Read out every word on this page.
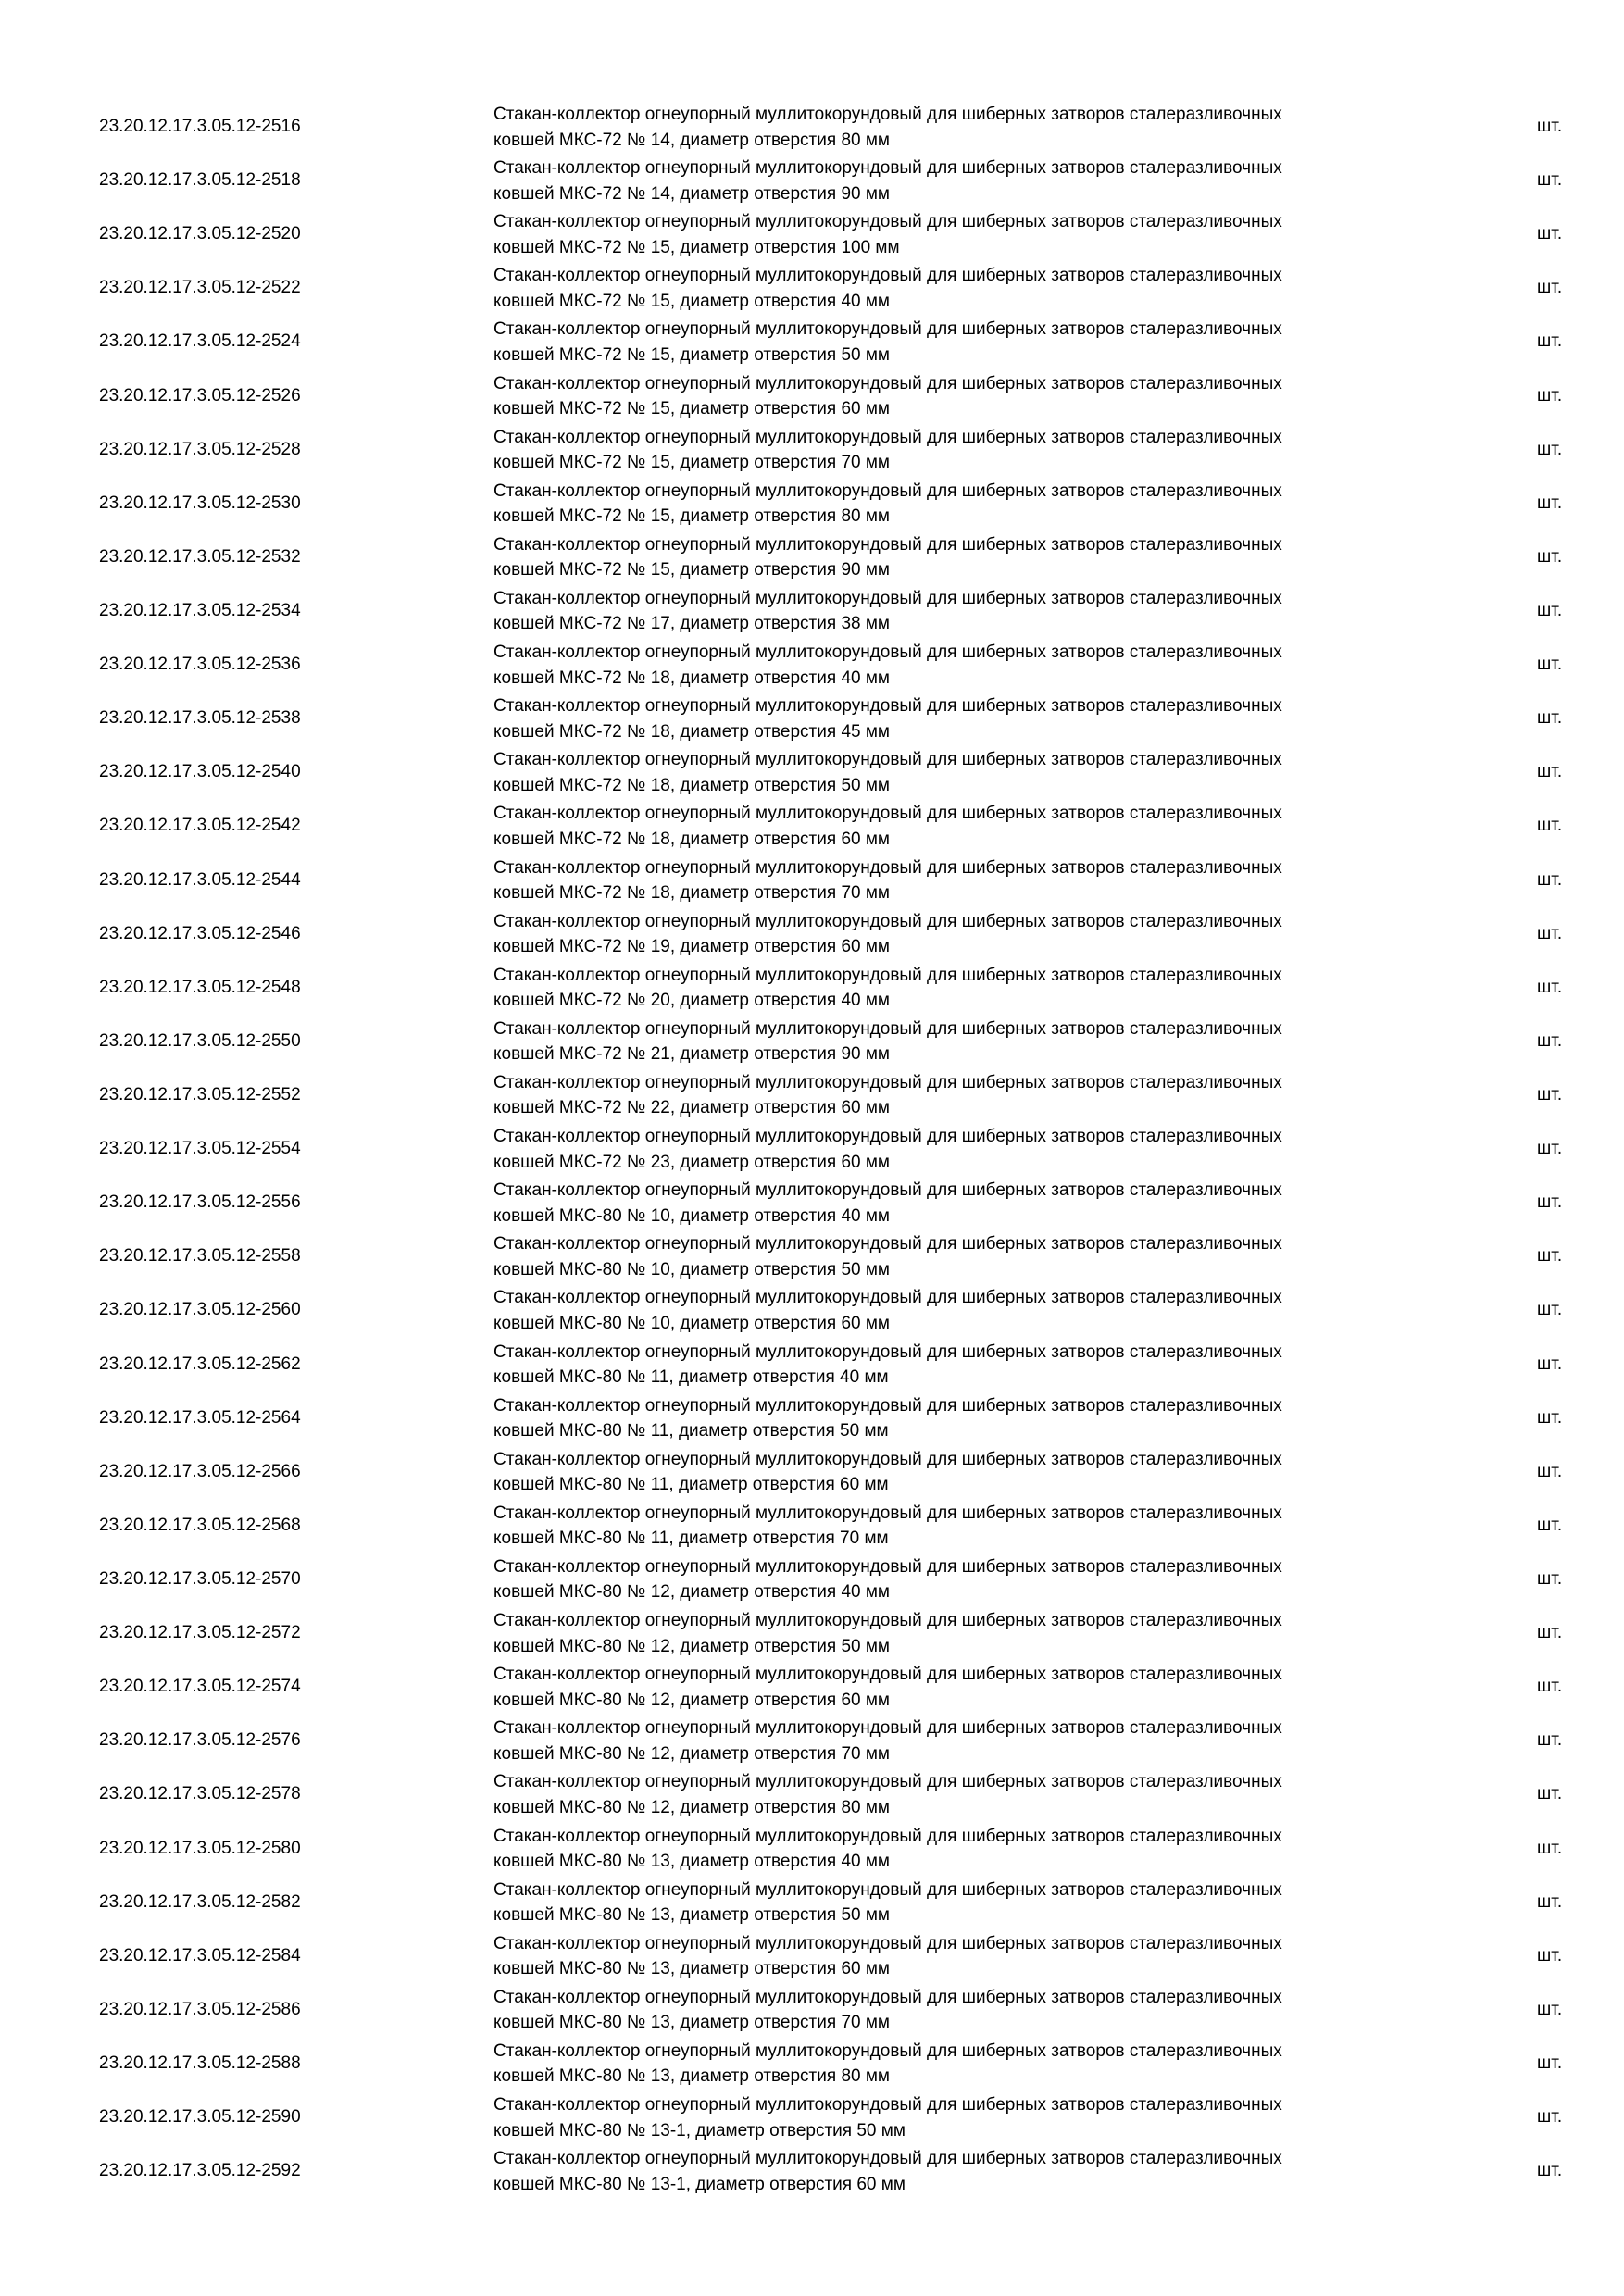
23.20.12.17.3.05.12-2516
Стакан-коллектор огнеупорный муллитокорундовый для шиберных затворов сталеразливочных
ковшей МКС-72 № 14, диаметр отверстия 80 мм
шт.
23.20.12.17.3.05.12-2518
Стакан-коллектор огнеупорный муллитокорундовый для шиберных затворов сталеразливочных
ковшей МКС-72 № 14, диаметр отверстия 90 мм
шт.
23.20.12.17.3.05.12-2520
Стакан-коллектор огнеупорный муллитокорундовый для шиберных затворов сталеразливочных
ковшей МКС-72 № 15, диаметр отверстия 100 мм
шт.
23.20.12.17.3.05.12-2522
Стакан-коллектор огнеупорный муллитокорундовый для шиберных затворов сталеразливочных
ковшей МКС-72 № 15, диаметр отверстия 40 мм
шт.
23.20.12.17.3.05.12-2524
Стакан-коллектор огнеупорный муллитокорундовый для шиберных затворов сталеразливочных
ковшей МКС-72 № 15, диаметр отверстия 50 мм
шт.
23.20.12.17.3.05.12-2526
Стакан-коллектор огнеупорный муллитокорундовый для шиберных затворов сталеразливочных
ковшей МКС-72 № 15, диаметр отверстия 60 мм
шт.
23.20.12.17.3.05.12-2528
Стакан-коллектор огнеупорный муллитокорундовый для шиберных затворов сталеразливочных
ковшей МКС-72 № 15, диаметр отверстия 70 мм
шт.
23.20.12.17.3.05.12-2530
Стакан-коллектор огнеупорный муллитокорундовый для шиберных затворов сталеразливочных
ковшей МКС-72 № 15, диаметр отверстия 80 мм
шт.
23.20.12.17.3.05.12-2532
Стакан-коллектор огнеупорный муллитокорундовый для шиберных затворов сталеразливочных
ковшей МКС-72 № 15, диаметр отверстия 90 мм
шт.
23.20.12.17.3.05.12-2534
Стакан-коллектор огнеупорный муллитокорундовый для шиберных затворов сталеразливочных
ковшей МКС-72 № 17, диаметр отверстия 38 мм
шт.
23.20.12.17.3.05.12-2536
Стакан-коллектор огнеупорный муллитокорундовый для шиберных затворов сталеразливочных
ковшей МКС-72 № 18, диаметр отверстия 40 мм
шт.
23.20.12.17.3.05.12-2538
Стакан-коллектор огнеупорный муллитокорундовый для шиберных затворов сталеразливочных
ковшей МКС-72 № 18, диаметр отверстия 45 мм
шт.
23.20.12.17.3.05.12-2540
Стакан-коллектор огнеупорный муллитокорундовый для шиберных затворов сталеразливочных
ковшей МКС-72 № 18, диаметр отверстия 50 мм
шт.
23.20.12.17.3.05.12-2542
Стакан-коллектор огнеупорный муллитокорундовый для шиберных затворов сталеразливочных
ковшей МКС-72 № 18, диаметр отверстия 60 мм
шт.
23.20.12.17.3.05.12-2544
Стакан-коллектор огнеупорный муллитокорундовый для шиберных затворов сталеразливочных
ковшей МКС-72 № 18, диаметр отверстия 70 мм
шт.
23.20.12.17.3.05.12-2546
Стакан-коллектор огнеупорный муллитокорундовый для шиберных затворов сталеразливочных
ковшей МКС-72 № 19, диаметр отверстия 60 мм
шт.
23.20.12.17.3.05.12-2548
Стакан-коллектор огнеупорный муллитокорундовый для шиберных затворов сталеразливочных
ковшей МКС-72 № 20, диаметр отверстия 40 мм
шт.
23.20.12.17.3.05.12-2550
Стакан-коллектор огнеупорный муллитокорундовый для шиберных затворов сталеразливочных
ковшей МКС-72 № 21, диаметр отверстия 90 мм
шт.
23.20.12.17.3.05.12-2552
Стакан-коллектор огнеупорный муллитокорундовый для шиберных затворов сталеразливочных
ковшей МКС-72 № 22, диаметр отверстия 60 мм
шт.
23.20.12.17.3.05.12-2554
Стакан-коллектор огнеупорный муллитокорундовый для шиберных затворов сталеразливочных
ковшей МКС-72 № 23, диаметр отверстия 60 мм
шт.
23.20.12.17.3.05.12-2556
Стакан-коллектор огнеупорный муллитокорундовый для шиберных затворов сталеразливочных
ковшей МКС-80 № 10, диаметр отверстия 40 мм
шт.
23.20.12.17.3.05.12-2558
Стакан-коллектор огнеупорный муллитокорундовый для шиберных затворов сталеразливочных
ковшей МКС-80 № 10, диаметр отверстия 50 мм
шт.
23.20.12.17.3.05.12-2560
Стакан-коллектор огнеупорный муллитокорундовый для шиберных затворов сталеразливочных
ковшей МКС-80 № 10, диаметр отверстия 60 мм
шт.
23.20.12.17.3.05.12-2562
Стакан-коллектор огнеупорный муллитокорундовый для шиберных затворов сталеразливочных
ковшей МКС-80 № 11, диаметр отверстия 40 мм
шт.
23.20.12.17.3.05.12-2564
Стакан-коллектор огнеупорный муллитокорундовый для шиберных затворов сталеразливочных
ковшей МКС-80 № 11, диаметр отверстия 50 мм
шт.
23.20.12.17.3.05.12-2566
Стакан-коллектор огнеупорный муллитокорундовый для шиберных затворов сталеразливочных
ковшей МКС-80 № 11, диаметр отверстия 60 мм
шт.
23.20.12.17.3.05.12-2568
Стакан-коллектор огнеупорный муллитокорундовый для шиберных затворов сталеразливочных
ковшей МКС-80 № 11, диаметр отверстия 70 мм
шт.
23.20.12.17.3.05.12-2570
Стакан-коллектор огнеупорный муллитокорундовый для шиберных затворов сталеразливочных
ковшей МКС-80 № 12, диаметр отверстия 40 мм
шт.
23.20.12.17.3.05.12-2572
Стакан-коллектор огнеупорный муллитокорундовый для шиберных затворов сталеразливочных
ковшей МКС-80 № 12, диаметр отверстия 50 мм
шт.
23.20.12.17.3.05.12-2574
Стакан-коллектор огнеупорный муллитокорундовый для шиберных затворов сталеразливочных
ковшей МКС-80 № 12, диаметр отверстия 60 мм
шт.
23.20.12.17.3.05.12-2576
Стакан-коллектор огнеупорный муллитокорундовый для шиберных затворов сталеразливочных
ковшей МКС-80 № 12, диаметр отверстия 70 мм
шт.
23.20.12.17.3.05.12-2578
Стакан-коллектор огнеупорный муллитокорундовый для шиберных затворов сталеразливочных
ковшей МКС-80 № 12, диаметр отверстия 80 мм
шт.
23.20.12.17.3.05.12-2580
Стакан-коллектор огнеупорный муллитокорундовый для шиберных затворов сталеразливочных
ковшей МКС-80 № 13, диаметр отверстия 40 мм
шт.
23.20.12.17.3.05.12-2582
Стакан-коллектор огнеупорный муллитокорундовый для шиберных затворов сталеразливочных
ковшей МКС-80 № 13, диаметр отверстия 50 мм
шт.
23.20.12.17.3.05.12-2584
Стакан-коллектор огнеупорный муллитокорундовый для шиберных затворов сталеразливочных
ковшей МКС-80 № 13, диаметр отверстия 60 мм
шт.
23.20.12.17.3.05.12-2586
Стакан-коллектор огнеупорный муллитокорундовый для шиберных затворов сталеразливочных
ковшей МКС-80 № 13, диаметр отверстия 70 мм
шт.
23.20.12.17.3.05.12-2588
Стакан-коллектор огнеупорный муллитокорундовый для шиберных затворов сталеразливочных
ковшей МКС-80 № 13, диаметр отверстия 80 мм
шт.
23.20.12.17.3.05.12-2590
Стакан-коллектор огнеупорный муллитокорундовый для шиберных затворов сталеразливочных
ковшей МКС-80 № 13-1, диаметр отверстия 50 мм
шт.
23.20.12.17.3.05.12-2592
Стакан-коллектор огнеупорный муллитокорундовый для шиберных затворов сталеразливочных
ковшей МКС-80 № 13-1, диаметр отверстия 60 мм
шт.
